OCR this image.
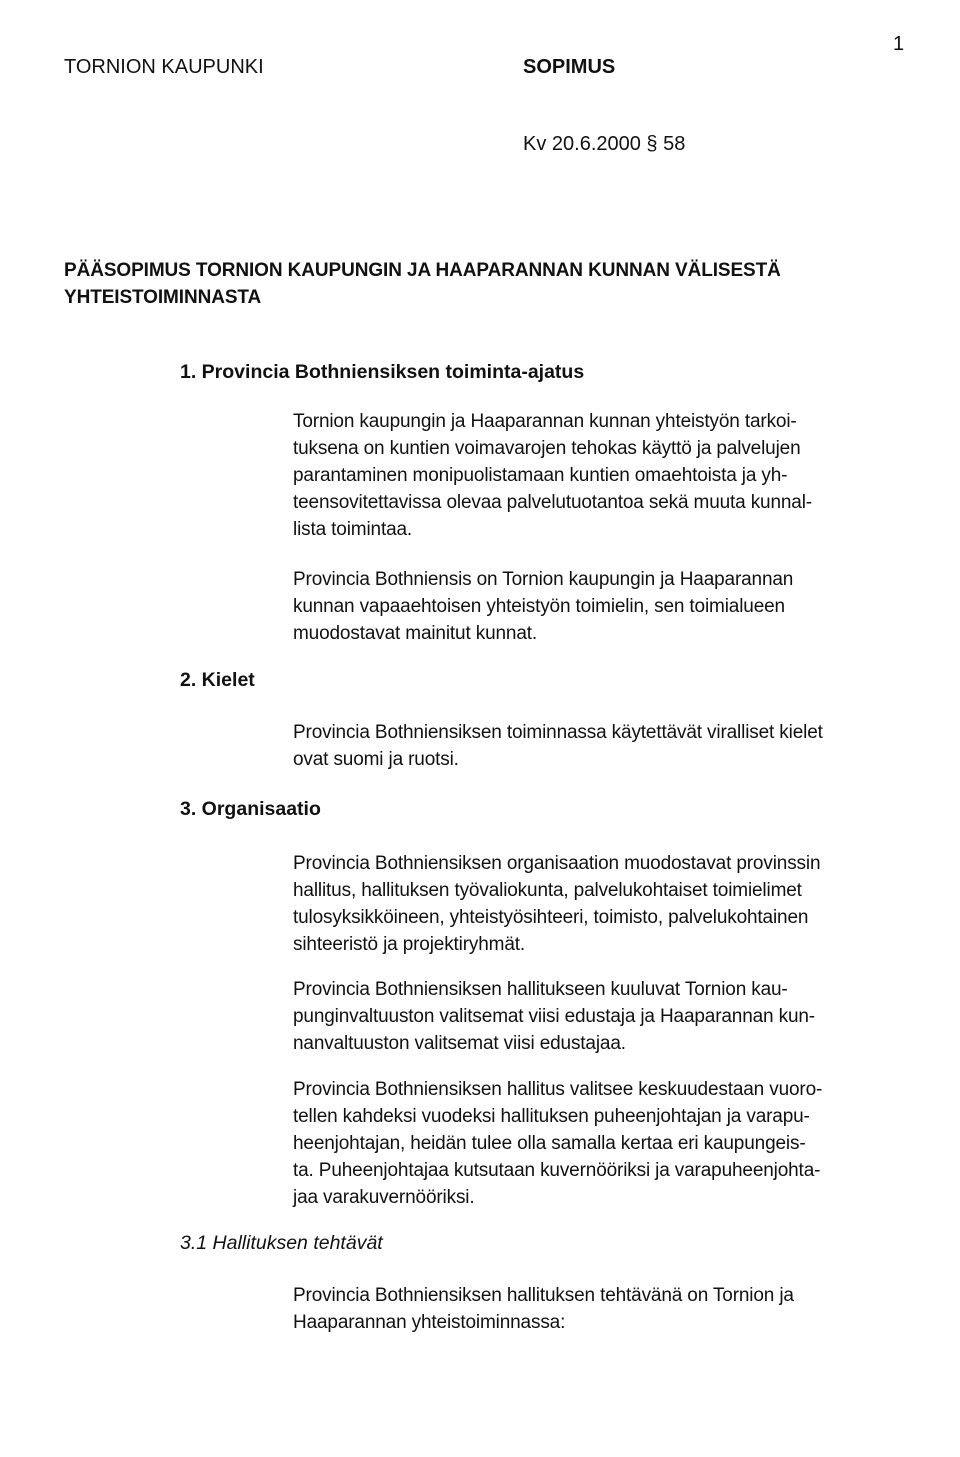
TORNION KAUPUNKI	SOPIMUS
1
Kv 20.6.2000 § 58
PÄÄSOPIMUS TORNION KAUPUNGIN JA HAAPARANNAN KUNNAN VÄLISESTÄ
YHTEISTOIMINNASTA
1. Provincia Bothniensiksen toiminta-ajatus
Tornion kaupungin ja Haaparannan kunnan yhteistyön tarkoi-
tuksena on kuntien voimavarojen tehokas käyttö ja palvelujen
parantaminen monipuolistamaan kuntien omaehtoista ja yh-
teensovitettavissa olevaa palvelutuotantoa sekä muuta kunnal-
lista toimintaa.
Provincia Bothniensis on Tornion kaupungin ja Haaparannan
kunnan vapaaehtoisen yhteistyön toimielin, sen toimialueen
muodostavat mainitut kunnat.
2. Kielet
Provincia Bothniensiksen toiminnassa käytettävät viralliset kielet
ovat suomi ja ruotsi.
3. Organisaatio
Provincia Bothniensiksen organisaation muodostavat provinssin
hallitus, hallituksen työvaliokunta, palvelukohtaiset toimielimet
tulosyksikköineen, yhteistyösihteeri, toimisto, palvelukohtainen
sihteeristö ja projektiryhmät.
Provincia Bothniensiksen hallitukseen kuuluvat Tornion kau-
punginvaltuuston valitsemat viisi edustaja ja Haaparannan kun-
nanvaltuuston valitsemat viisi edustajaa.
Provincia Bothniensiksen hallitus valitsee keskuudestaan vuoro-
tellen kahdeksi vuodeksi hallituksen puheenjohtajan ja varapu-
heenjohtajan, heidän tulee olla samalla kertaa eri kaupungeis-
ta. Puheenjohtajaa kutsutaan kuvernööriksi ja varapuheenjohta-
jaa varakuvernööriksi.
3.1 Hallituksen tehtävät
Provincia Bothniensiksen hallituksen tehtävänä on Tornion ja
Haaparannan yhteistoiminnassa:
